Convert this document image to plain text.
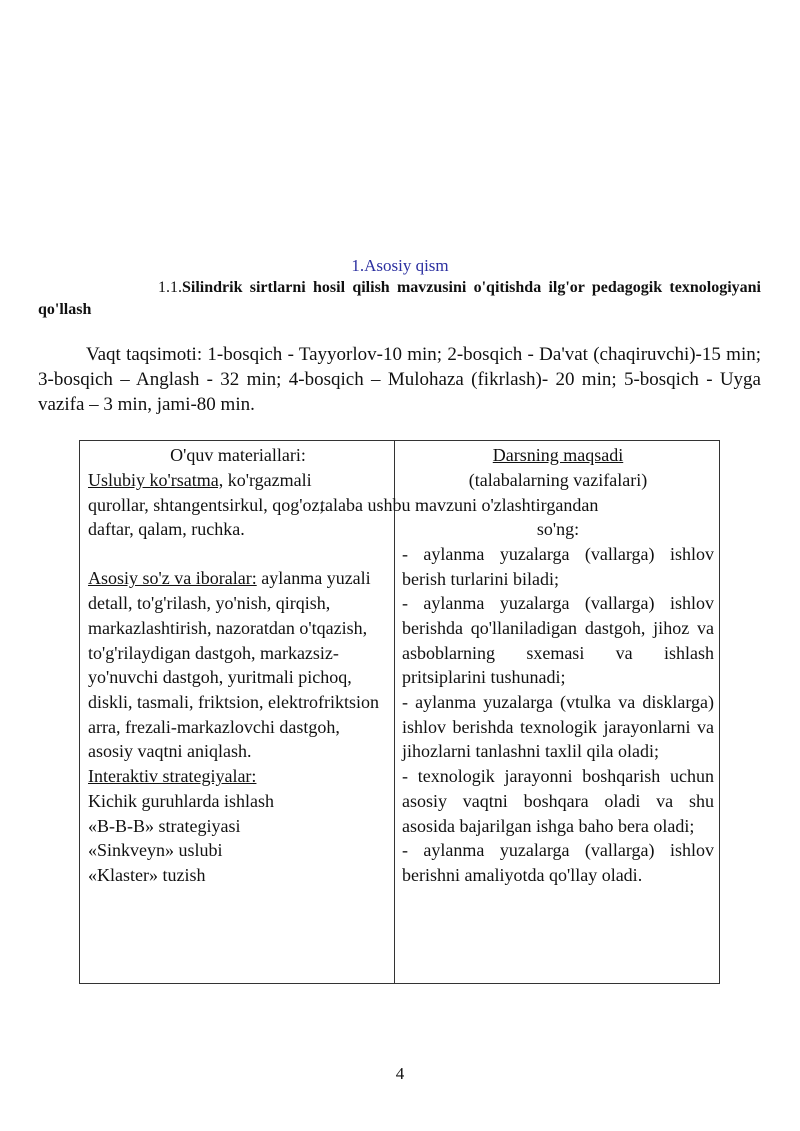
1.Asosiy qism
1.1.Silindrik sirtlarni hosil qilish mavzusini o'qitishda ilg'or pedagogik texnologiyani qo'llash

Vaqt taqsimoti: 1-bosqich - Tayyorlov-10 min; 2-bosqich - Da'vat (chaqiruvchi)-15 min; 3-bosqich – Anglash - 32 min; 4-bosqich – Mulohaza (fikrlash)- 20 min; 5-bosqich - Uyga vazifa – 3 min, jami-80 min.

O'quv materiallari:

Uslubiy ko'rsatma, ko'rgazmali

daftar, qalam, ruchka.

Asosiy so'z va iboralar: aylanma yuzali detall, to'g'rilash, yo'nish, qirqish, markazlashtirish, nazoratdan o'tqazish, to'g'rilaydigan dastgoh, markazsiz-yo'nuvchi dastgoh, yuritmali pichoq, diskli, tasmali, friktsion, elektrofriktsion arra, frezali-markazlovchi dastgoh, asosiy vaqtni aniqlash.

Interaktiv strategiyalar:

Kichik guruhlarda ishlash

«B-B-B» strategiyasi

«Sinkveyn» uslubi

«Klaster» tuzish

qurollar, shtangentsirkul, qog'oz,talaba ushbu mavzuni o'zlashtirgandan

Darsning maqsadi

(talabalarning vazifalari)

so'ng:

- aylanma yuzalarga (vallarga) ishlov berish turlarini biladi;

- aylanma yuzalarga (vallarga) ishlov berishda qo'llaniladigan dastgoh, jihoz va asboblarning sxemasi va ishlash pritsiplarini tushunadi;

- aylanma yuzalarga (vtulka va disklarga) ishlov berishda texnologik jarayonlarni va jihozlarni tanlashni taxlil qila oladi;

- texnologik jarayonni boshqarish uchun asosiy vaqtni boshqara oladi va shu asosida bajarilgan ishga baho bera oladi;

- aylanma yuzalarga (vallarga) ishlov berishni amaliyotda qo'llay oladi.

4
